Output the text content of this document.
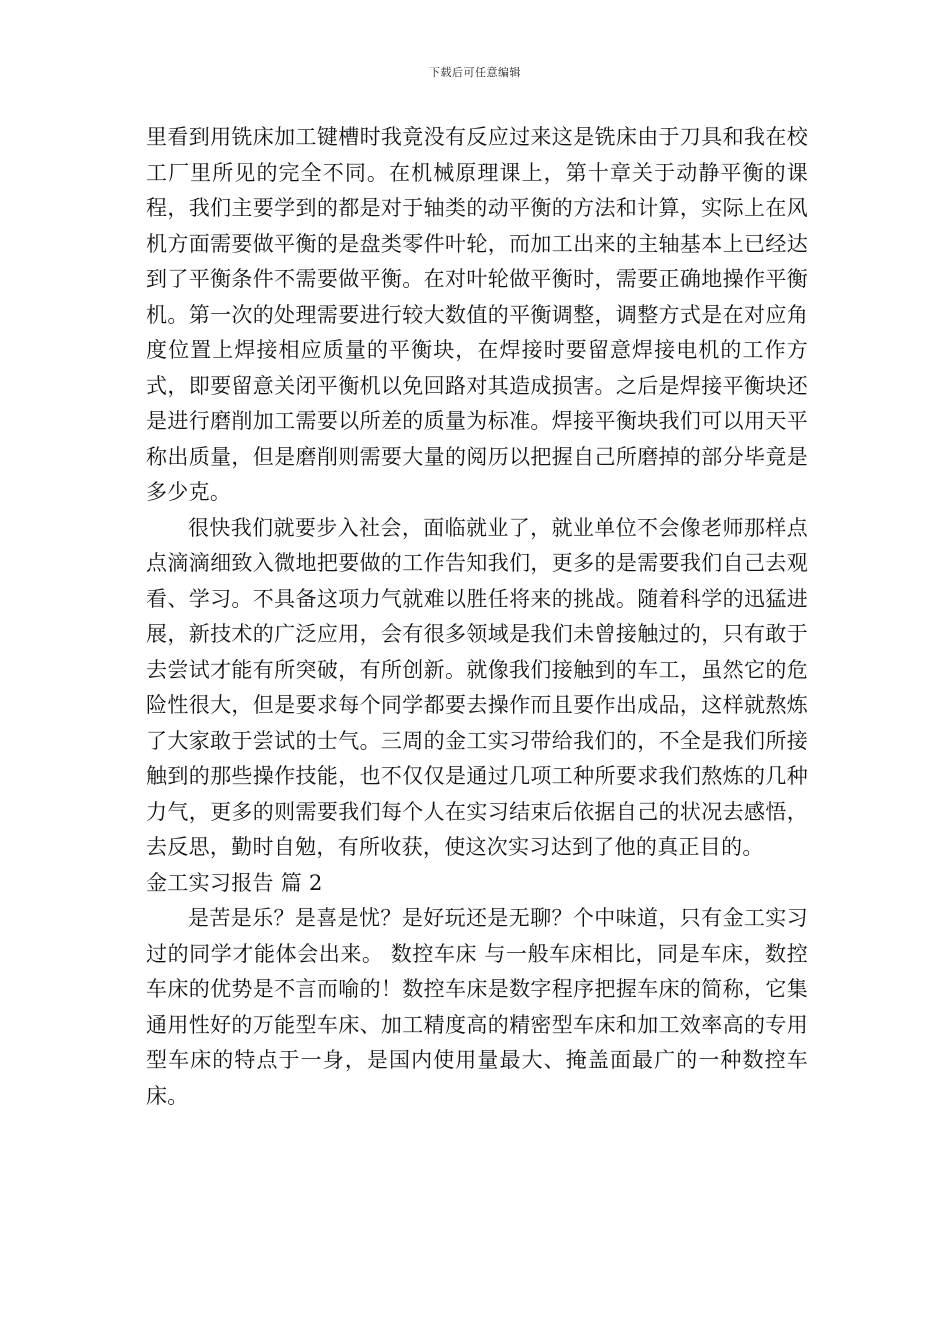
下载后可任意编辑

里看到用铣床加工键槽时我竟没有反应过来这是铣床由于刀具和我在校工厂里所见的完全不同。在机械原理课上，第十章关于动静平衡的课程，我们主要学到的都是对于轴类的动平衡的方法和计算，实际上在风机方面需要做平衡的是盘类零件叶轮，而加工出来的主轴基本上已经达到了平衡条件不需要做平衡。在对叶轮做平衡时，需要正确地操作平衡机。第一次的处理需要进行较大数值的平衡调整，调整方式是在对应角度位置上焊接相应质量的平衡块，在焊接时要留意焊接电机的工作方式，即要留意关闭平衡机以免回路对其造成损害。之后是焊接平衡块还是进行磨削加工需要以所差的质量为标准。焊接平衡块我们可以用天平称出质量，但是磨削则需要大量的阅历以把握自己所磨掉的部分毕竟是多少克。

很快我们就要步入社会，面临就业了，就业单位不会像老师那样点点滴滴细致入微地把要做的工作告知我们，更多的是需要我们自己去观看、学习。不具备这项力气就难以胜任将来的挑战。随着科学的迅猛进展，新技术的广泛应用，会有很多领域是我们未曾接触过的，只有敢于去尝试才能有所突破，有所创新。就像我们接触到的车工，虽然它的危险性很大，但是要求每个同学都要去操作而且要作出成品，这样就熬炼了大家敢于尝试的士气。三周的金工实习带给我们的，不全是我们所接触到的那些操作技能，也不仅仅是通过几项工种所要求我们熬炼的几种力气，更多的则需要我们每个人在实习结束后依据自己的状况去感悟，去反思，勤时自勉，有所收获，使这次实习达到了他的真正目的。

金工实习报告 篇 2

是苦是乐？是喜是忧？是好玩还是无聊？个中味道，只有金工实习过的同学才能体会出来。 数控车床 与一般车床相比，同是车床，数控车床的优势是不言而喻的！数控车床是数字程序把握车床的简称，它集通用性好的万能型车床、加工精度高的精密型车床和加工效率高的专用型车床的特点于一身，是国内使用量最大、掩盖面最广的一种数控车床。
